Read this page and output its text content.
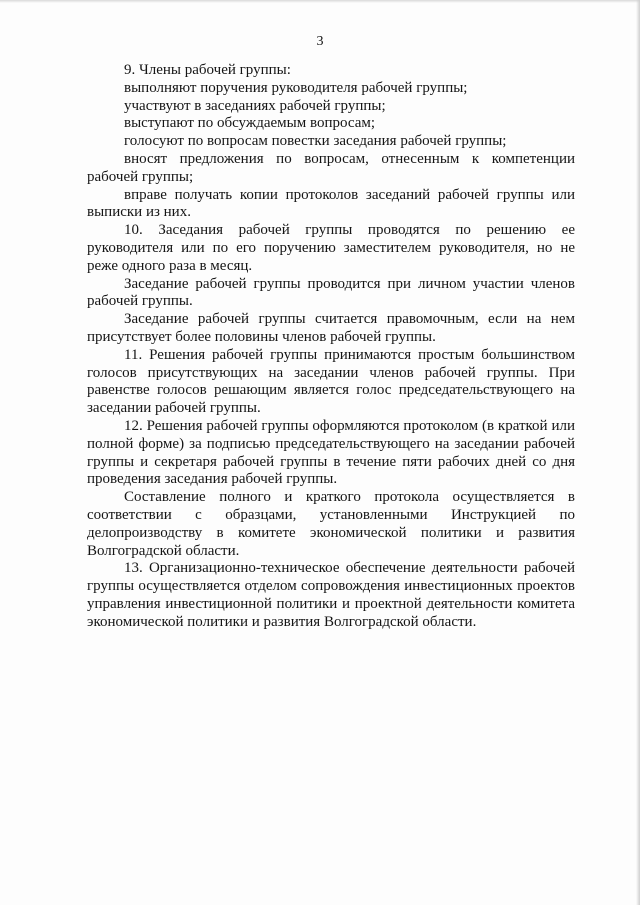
3

9. Члены рабочей группы:

выполняют поручения руководителя рабочей группы;

участвуют в заседаниях рабочей группы;

выступают по обсуждаемым вопросам;

голосуют по вопросам повестки заседания рабочей группы;

вносят предложения по вопросам, отнесенным к компетенции рабочей группы;

вправе получать копии протоколов заседаний рабочей группы или выписки из них.

10. Заседания рабочей группы проводятся по решению ее руководителя или по его поручению заместителем руководителя, но не реже одного раза в месяц.

Заседание рабочей группы проводится при личном участии членов рабочей группы.

Заседание рабочей группы считается правомочным, если на нем присутствует более половины членов рабочей группы.

11. Решения рабочей группы принимаются простым большинством голосов присутствующих на заседании членов рабочей группы. При равенстве голосов решающим является голос председательствующего на заседании рабочей группы.

12. Решения рабочей группы оформляются протоколом (в краткой или полной форме) за подписью председательствующего на заседании рабочей группы и секретаря рабочей группы в течение пяти рабочих дней со дня проведения заседания рабочей группы.

Составление полного и краткого протокола осуществляется в соответствии с образцами, установленными Инструкцией по делопроизводству в комитете экономической политики и развития Волгоградской области.

13. Организационно-техническое обеспечение деятельности рабочей группы осуществляется отделом сопровождения инвестиционных проектов управления инвестиционной политики и проектной деятельности комитета экономической политики и развития Волгоградской области.
